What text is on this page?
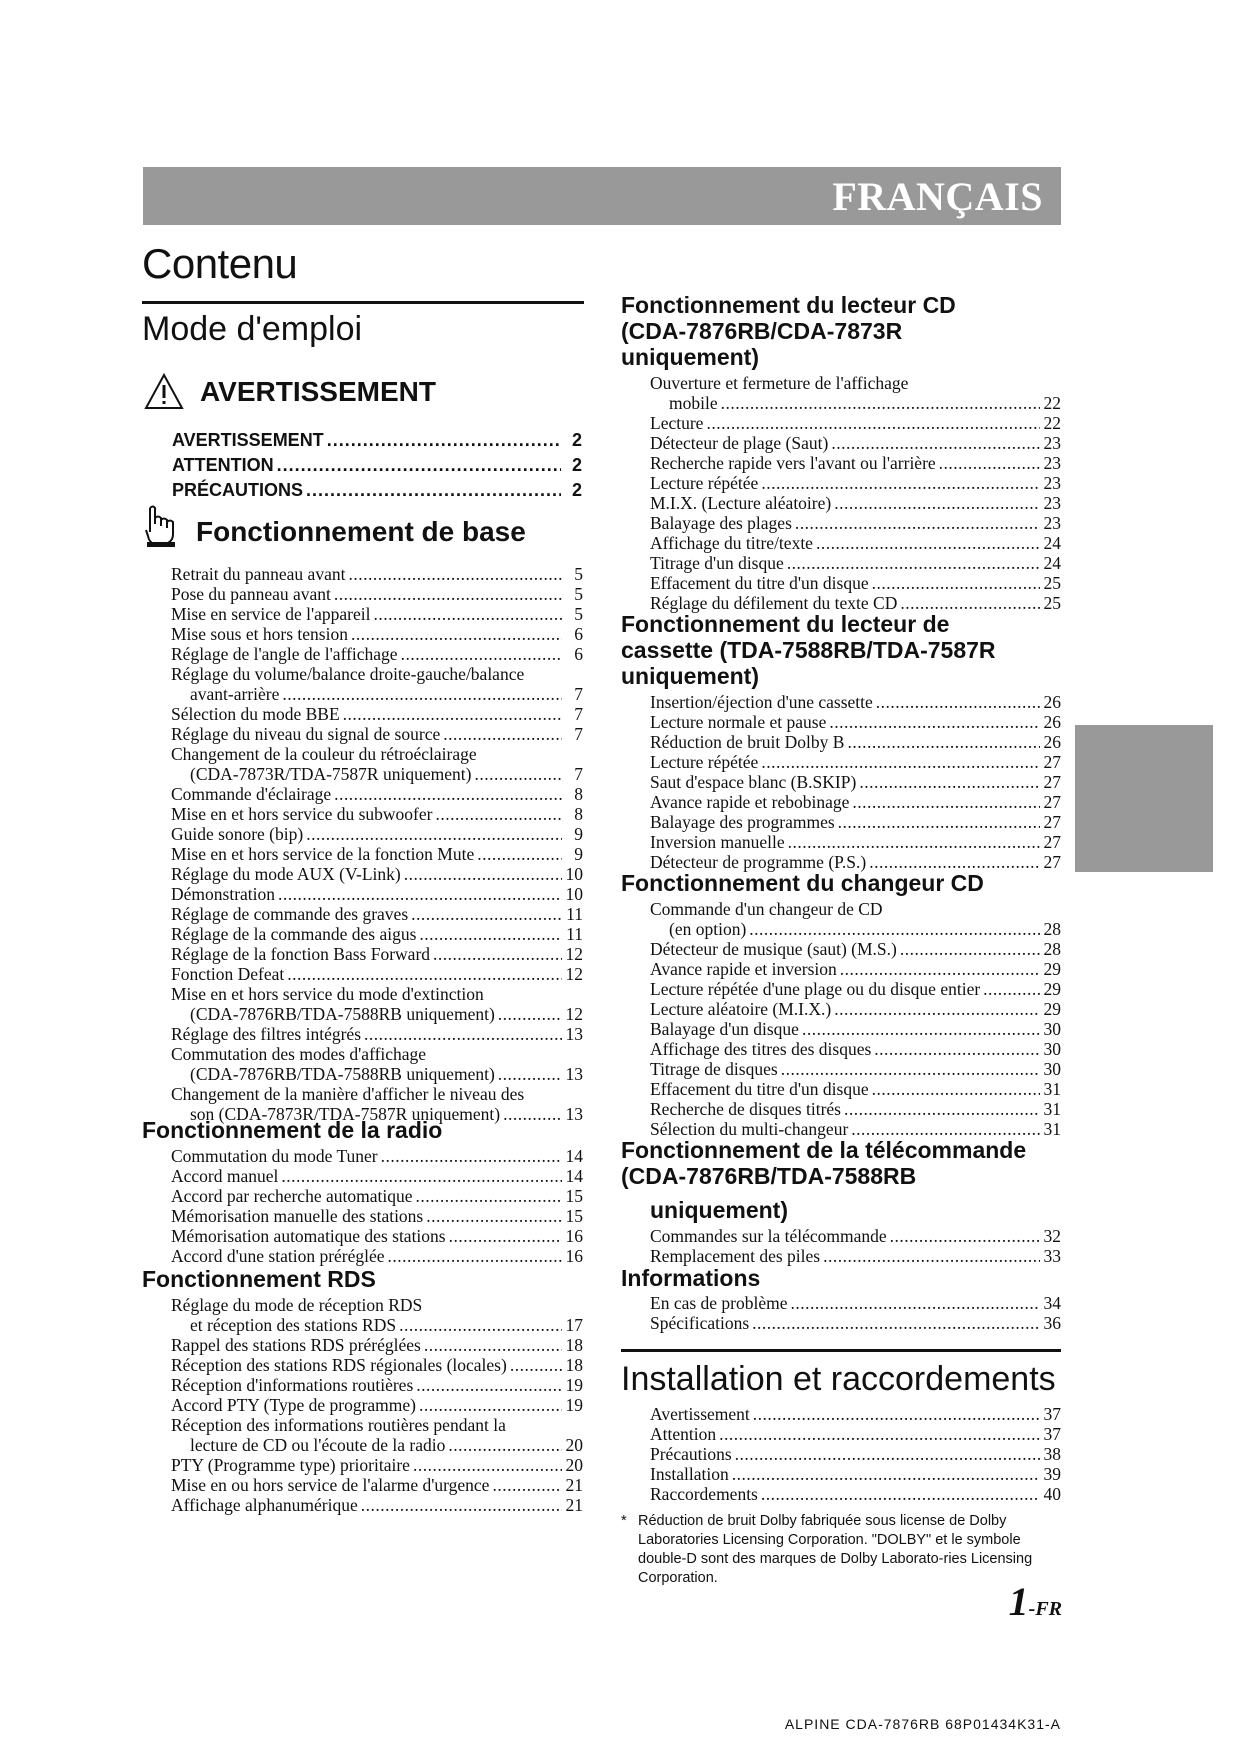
FRANÇAIS
Contenu
Mode d'emploi
AVERTISSEMENT
AVERTISSEMENT .....	2
ATTENTION .....	2
PRÉCAUTIONS .....	2
Fonctionnement de base
Retrait du panneau avant .....	5
Pose du panneau avant .....	5
Mise en service de l'appareil .....	5
Mise sous et hors tension .....	6
Réglage de l'angle de l'affichage .....	6
Réglage du volume/balance droite-gauche/balance
avant-arrière .....	7
Sélection du mode BBE .....	7
Réglage du niveau du signal de source .....	7
Changement de la couleur du rétroéclairage
(CDA-7873R/TDA-7587R uniquement) .....	7
Commande d'éclairage .....	8
Mise en et hors service du subwoofer .....	8
Guide sonore (bip) .....	9
Mise en et hors service de la fonction Mute .....	9
Réglage du mode AUX (V-Link) .....	10
Démonstration .....	10
Réglage de commande des graves .....	11
Réglage de la commande des aigus .....	11
Réglage de la fonction Bass Forward .....	12
Fonction Defeat .....	12
Mise en et hors service du mode d'extinction
(CDA-7876RB/TDA-7588RB uniquement) .....	12
Réglage des filtres intégrés .....	13
Commutation des modes d'affichage
(CDA-7876RB/TDA-7588RB uniquement) .....	13
Changement de la manière d'afficher le niveau des
son (CDA-7873R/TDA-7587R uniquement) .....	13
Fonctionnement de la radio
Commutation du mode Tuner .....	14
Accord manuel .....	14
Accord par recherche automatique .....	15
Mémorisation manuelle des stations .....	15
Mémorisation automatique des stations .....	16
Accord d'une station préréglée .....	16
Fonctionnement RDS
Réglage du mode de réception RDS
et réception des stations RDS .....	17
Rappel des stations RDS préréglées .....	18
Réception des stations RDS régionales (locales) .....	18
Réception d'informations routières .....	19
Accord PTY (Type de programme) .....	19
Réception des informations routières pendant la
lecture de CD ou l'écoute de la radio .....	20
PTY (Programme type) prioritaire .....	20
Mise en ou hors service de l'alarme d'urgence .....	21
Affichage alphanumérique .....	21
Fonctionnement du lecteur CD
(CDA-7876RB/CDA-7873R
uniquement)
Ouverture et fermeture de l'affichage
mobile .....	22
Lecture .....	22
Détecteur de plage (Saut) .....	23
Recherche rapide vers l'avant ou l'arrière .....	23
Lecture répétée .....	23
M.I.X. (Lecture aléatoire) .....	23
Balayage des plages .....	23
Affichage du titre/texte .....	24
Titrage d'un disque .....	24
Effacement du titre d'un disque .....	25
Réglage du défilement du texte CD .....	25
Fonctionnement du lecteur de
cassette (TDA-7588RB/TDA-7587R
uniquement)
Insertion/éjection d'une cassette .....	26
Lecture normale et pause .....	26
Réduction de bruit Dolby B .....	26
Lecture répétée .....	27
Saut d'espace blanc (B.SKIP) .....	27
Avance rapide et rebobinage .....	27
Balayage des programmes .....	27
Inversion manuelle .....	27
Détecteur de programme (P.S.) .....	27
Fonctionnement du changeur CD
Commande d'un changeur de CD
(en option) .....	28
Détecteur de musique (saut) (M.S.) .....	28
Avance rapide et inversion .....	29
Lecture répétée d'une plage ou du disque entier .....	29
Lecture aléatoire (M.I.X.) .....	29
Balayage d'un disque .....	30
Affichage des titres des disques .....	30
Titrage de disques .....	30
Effacement du titre d'un disque .....	31
Recherche de disques titrés .....	31
Sélection du multi-changeur .....	31
Fonctionnement de la télécommande
(CDA-7876RB/TDA-7588RB
uniquement)
Commandes sur la télécommande .....	32
Remplacement des piles .....	33
Informations
En cas de problème .....	34
Spécifications .....	36
Installation et raccordements
Avertissement .....	37
Attention .....	37
Précautions .....	38
Installation .....	39
Raccordements .....	40
* Réduction de bruit Dolby fabriquée sous license de Dolby Laboratories Licensing Corporation. "DOLBY" et le symbole double-D sont des marques de Dolby Laborato-ries Licensing Corporation.
1-FR
ALPINE CDA-7876RB 68P01434K31-A
